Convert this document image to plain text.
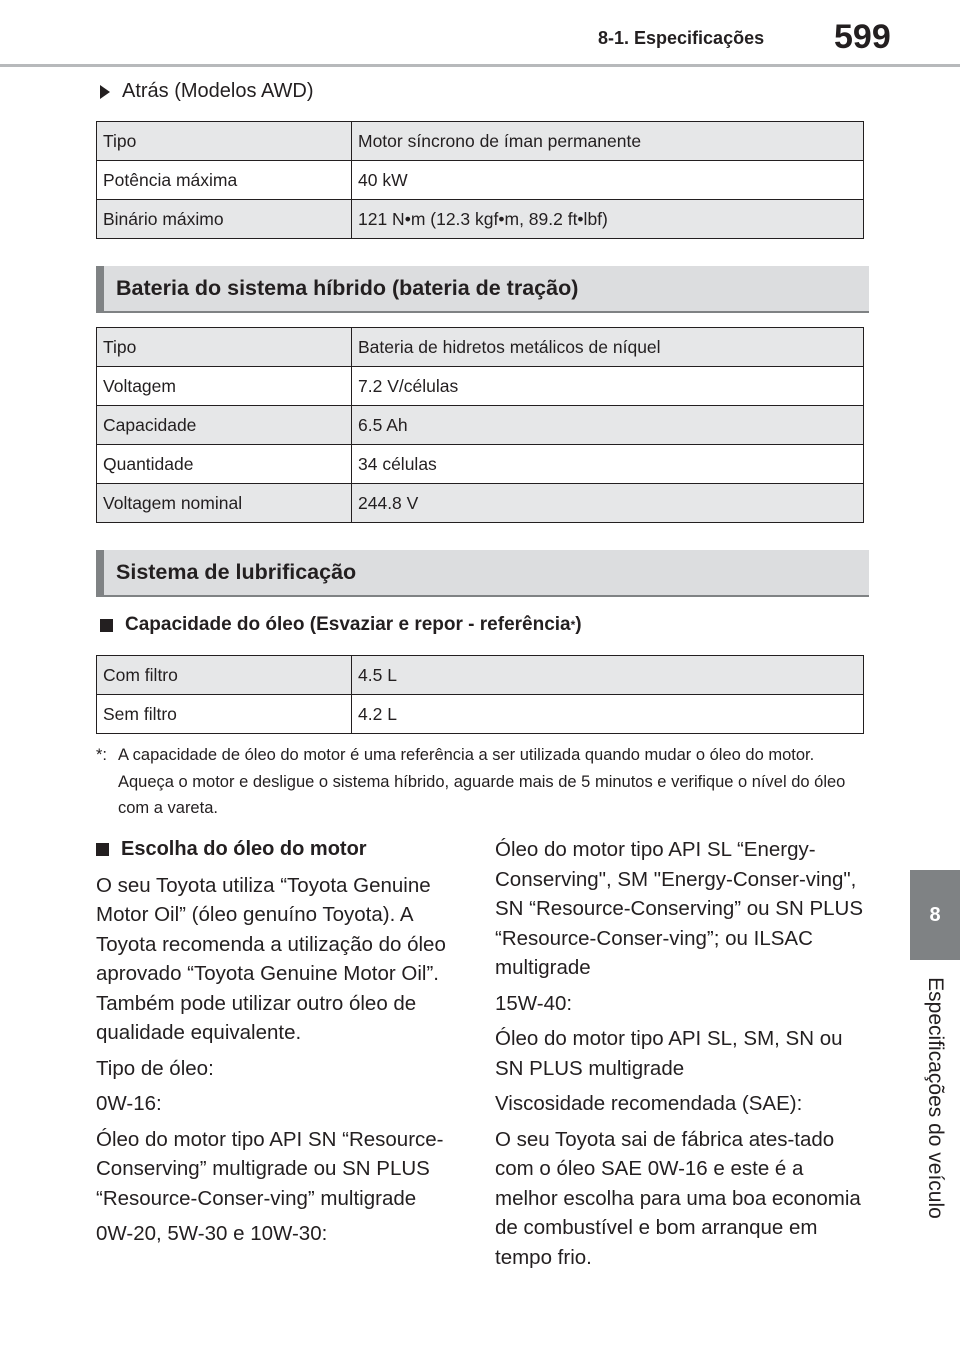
8-1. Especificações 599
8
Especificações do veículo
Atrás (Modelos AWD)
Tipo	Motor síncrono de íman permanente
Potência máxima	40 kW
Binário máximo	121 N•m (12.3 kgf•m, 89.2 ft•lbf)
Bateria do sistema híbrido (bateria de tração)
Tipo	Bateria de hidretos metálicos de níquel
Voltagem	7.2 V/células
Capacidade	6.5 Ah
Quantidade	34 células
Voltagem nominal	244.8 V
Sistema de lubrificação
Capacidade do óleo (Esvaziar e repor - referência * )
Com filtro	4.5 L
Sem filtro	4.2 L
*: A capacidade de óleo do motor é uma referência a ser utilizada quando mudar o óleo do motor. Aqueça o motor e desligue o sistema híbrido, aguarde mais de 5 minutos e verifique o nível do óleo com a vareta.
Escolha do óleo do motor

O seu Toyota utiliza “Toyota Genuine Motor Oil” (óleo genuíno Toyota). A Toyota recomenda a utilização do óleo aprovado “Toyota Genuine Motor Oil”. Também pode utilizar outro óleo de qualidade equivalente.

Tipo de óleo:

0W-16:

Óleo do motor tipo API SN “Resource-Conserving” multigrade ou SN PLUS “Resource-Conser-ving” multigrade

0W-20, 5W-30 e 10W-30:

Óleo do motor tipo API SL “Energy-Conserving", SM "Energy-Conser-ving", SN “Resource-Conserving” ou SN PLUS “Resource-Conser-ving”; ou ILSAC multigrade

15W-40:

Óleo do motor tipo API SL, SM, SN ou SN PLUS multigrade

Viscosidade recomendada (SAE):

O seu Toyota sai de fábrica ates-tado com o óleo SAE 0W-16 e este é a melhor escolha para uma boa economia de combustível e bom arranque em tempo frio.
